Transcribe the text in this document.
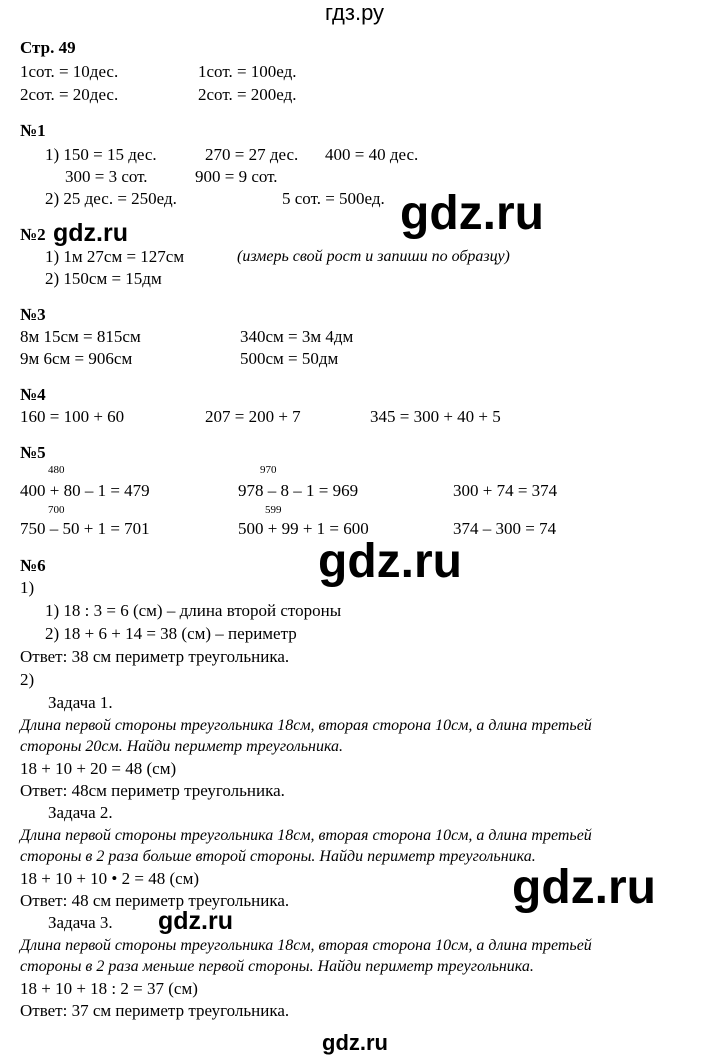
гдз.ру
Стр. 49
1сот. = 10дес.	1сот. = 100ед.
2сот. = 20дес.	2сот. = 200ед.
№1
1) 150 = 15 дес.	270 = 27 дес. 400 = 40 дес.
300 = 3 сот.	900 = 9 сот.
2) 25 дес. = 250ед.	5 сот. = 500ед.
№2
1) 1м 27см = 127см	(измерь свой рост и запиши по образцу)
2) 150см = 15дм
№3
8м 15см = 815см	340см = 3м 4дм
9м 6см = 906см	500см = 50дм
№4
160 = 100 + 60	207 = 200 + 7	345 = 300 + 40 + 5
№5
480	970
400 + 80 – 1 = 479	978 – 8 – 1 = 969	300 + 74 = 374
700	599
750 – 50 + 1 = 701	500 + 99 + 1 = 600	374 – 300 = 74
№6
1)
1) 18 : 3 = 6 (см) – длина второй стороны
2) 18 + 6 + 14 = 38 (см) – периметр
Ответ: 38 см периметр треугольника.
2)
Задача 1.
Длина первой стороны треугольника 18см, вторая сторона 10см, а длина третьей
стороны 20см. Найди периметр треугольника.
18 + 10 + 20 = 48 (см)
Ответ: 48см периметр треугольника.
Задача 2.
Длина первой стороны треугольника 18см, вторая сторона 10см, а длина третьей
стороны в 2 раза больше второй стороны. Найди периметр треугольника.
18 + 10 + 10 • 2 = 48 (см)
Ответ: 48 см периметр треугольника.
Задача 3.
Длина первой стороны треугольника 18см, вторая сторона 10см, а длина третьей
стороны в 2 раза меньше первой стороны. Найди периметр треугольника.
18 + 10 + 18 : 2 = 37 (см)
Ответ: 37 см периметр треугольника.
gdz.ru
gdz.ru
gdz.ru
gdz.ru
gdz.ru
gdz.ru
